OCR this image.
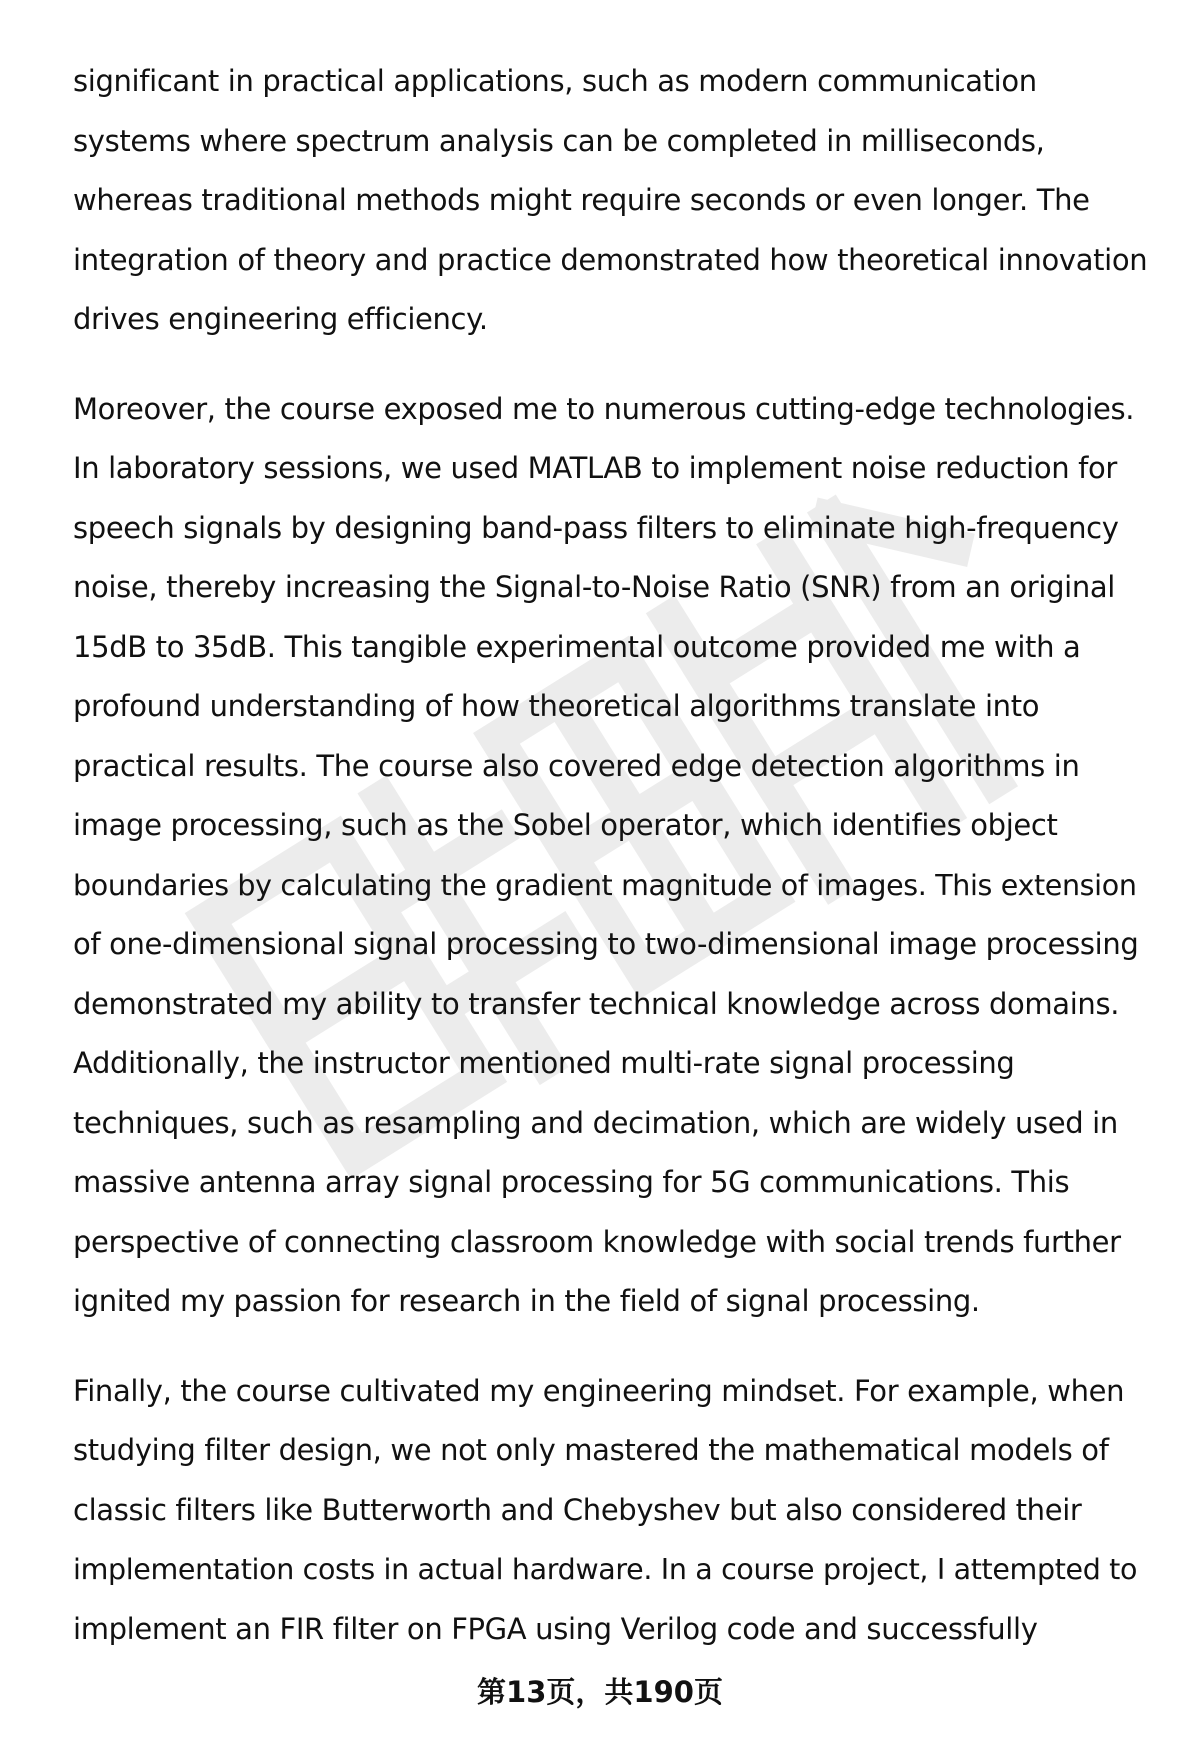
significant in practical applications, such as modern communication
systems where spectrum analysis can be completed in milliseconds,
whereas traditional methods might require seconds or even longer. The
integration of theory and practice demonstrated how theoretical innovation
drives engineering efficiency.
Moreover, the course exposed me to numerous cutting-edge technologies.
In laboratory sessions, we used MATLAB to implement noise reduction for
speech signals by designing band-pass filters to eliminate high-frequency
noise, thereby increasing the Signal-to-Noise Ratio (SNR) from an original
15dB to 35dB. This tangible experimental outcome provided me with a
profound understanding of how theoretical algorithms translate into
practical results. The course also covered edge detection algorithms in
image processing, such as the Sobel operator, which identifies object
boundaries by calculating the gradient magnitude of images. This extension
of one-dimensional signal processing to two-dimensional image processing
demonstrated my ability to transfer technical knowledge across domains.
Additionally, the instructor mentioned multi-rate signal processing
techniques, such as resampling and decimation, which are widely used in
massive antenna array signal processing for 5G communications. This
perspective of connecting classroom knowledge with social trends further
ignited my passion for research in the field of signal processing.
Finally, the course cultivated my engineering mindset. For example, when
studying filter design, we not only mastered the mathematical models of
classic filters like Butterworth and Chebyshev but also considered their
implementation costs in actual hardware. In a course project, I attempted to
implement an FIR filter on FPGA using Verilog code and successfully
第13页，共190页
